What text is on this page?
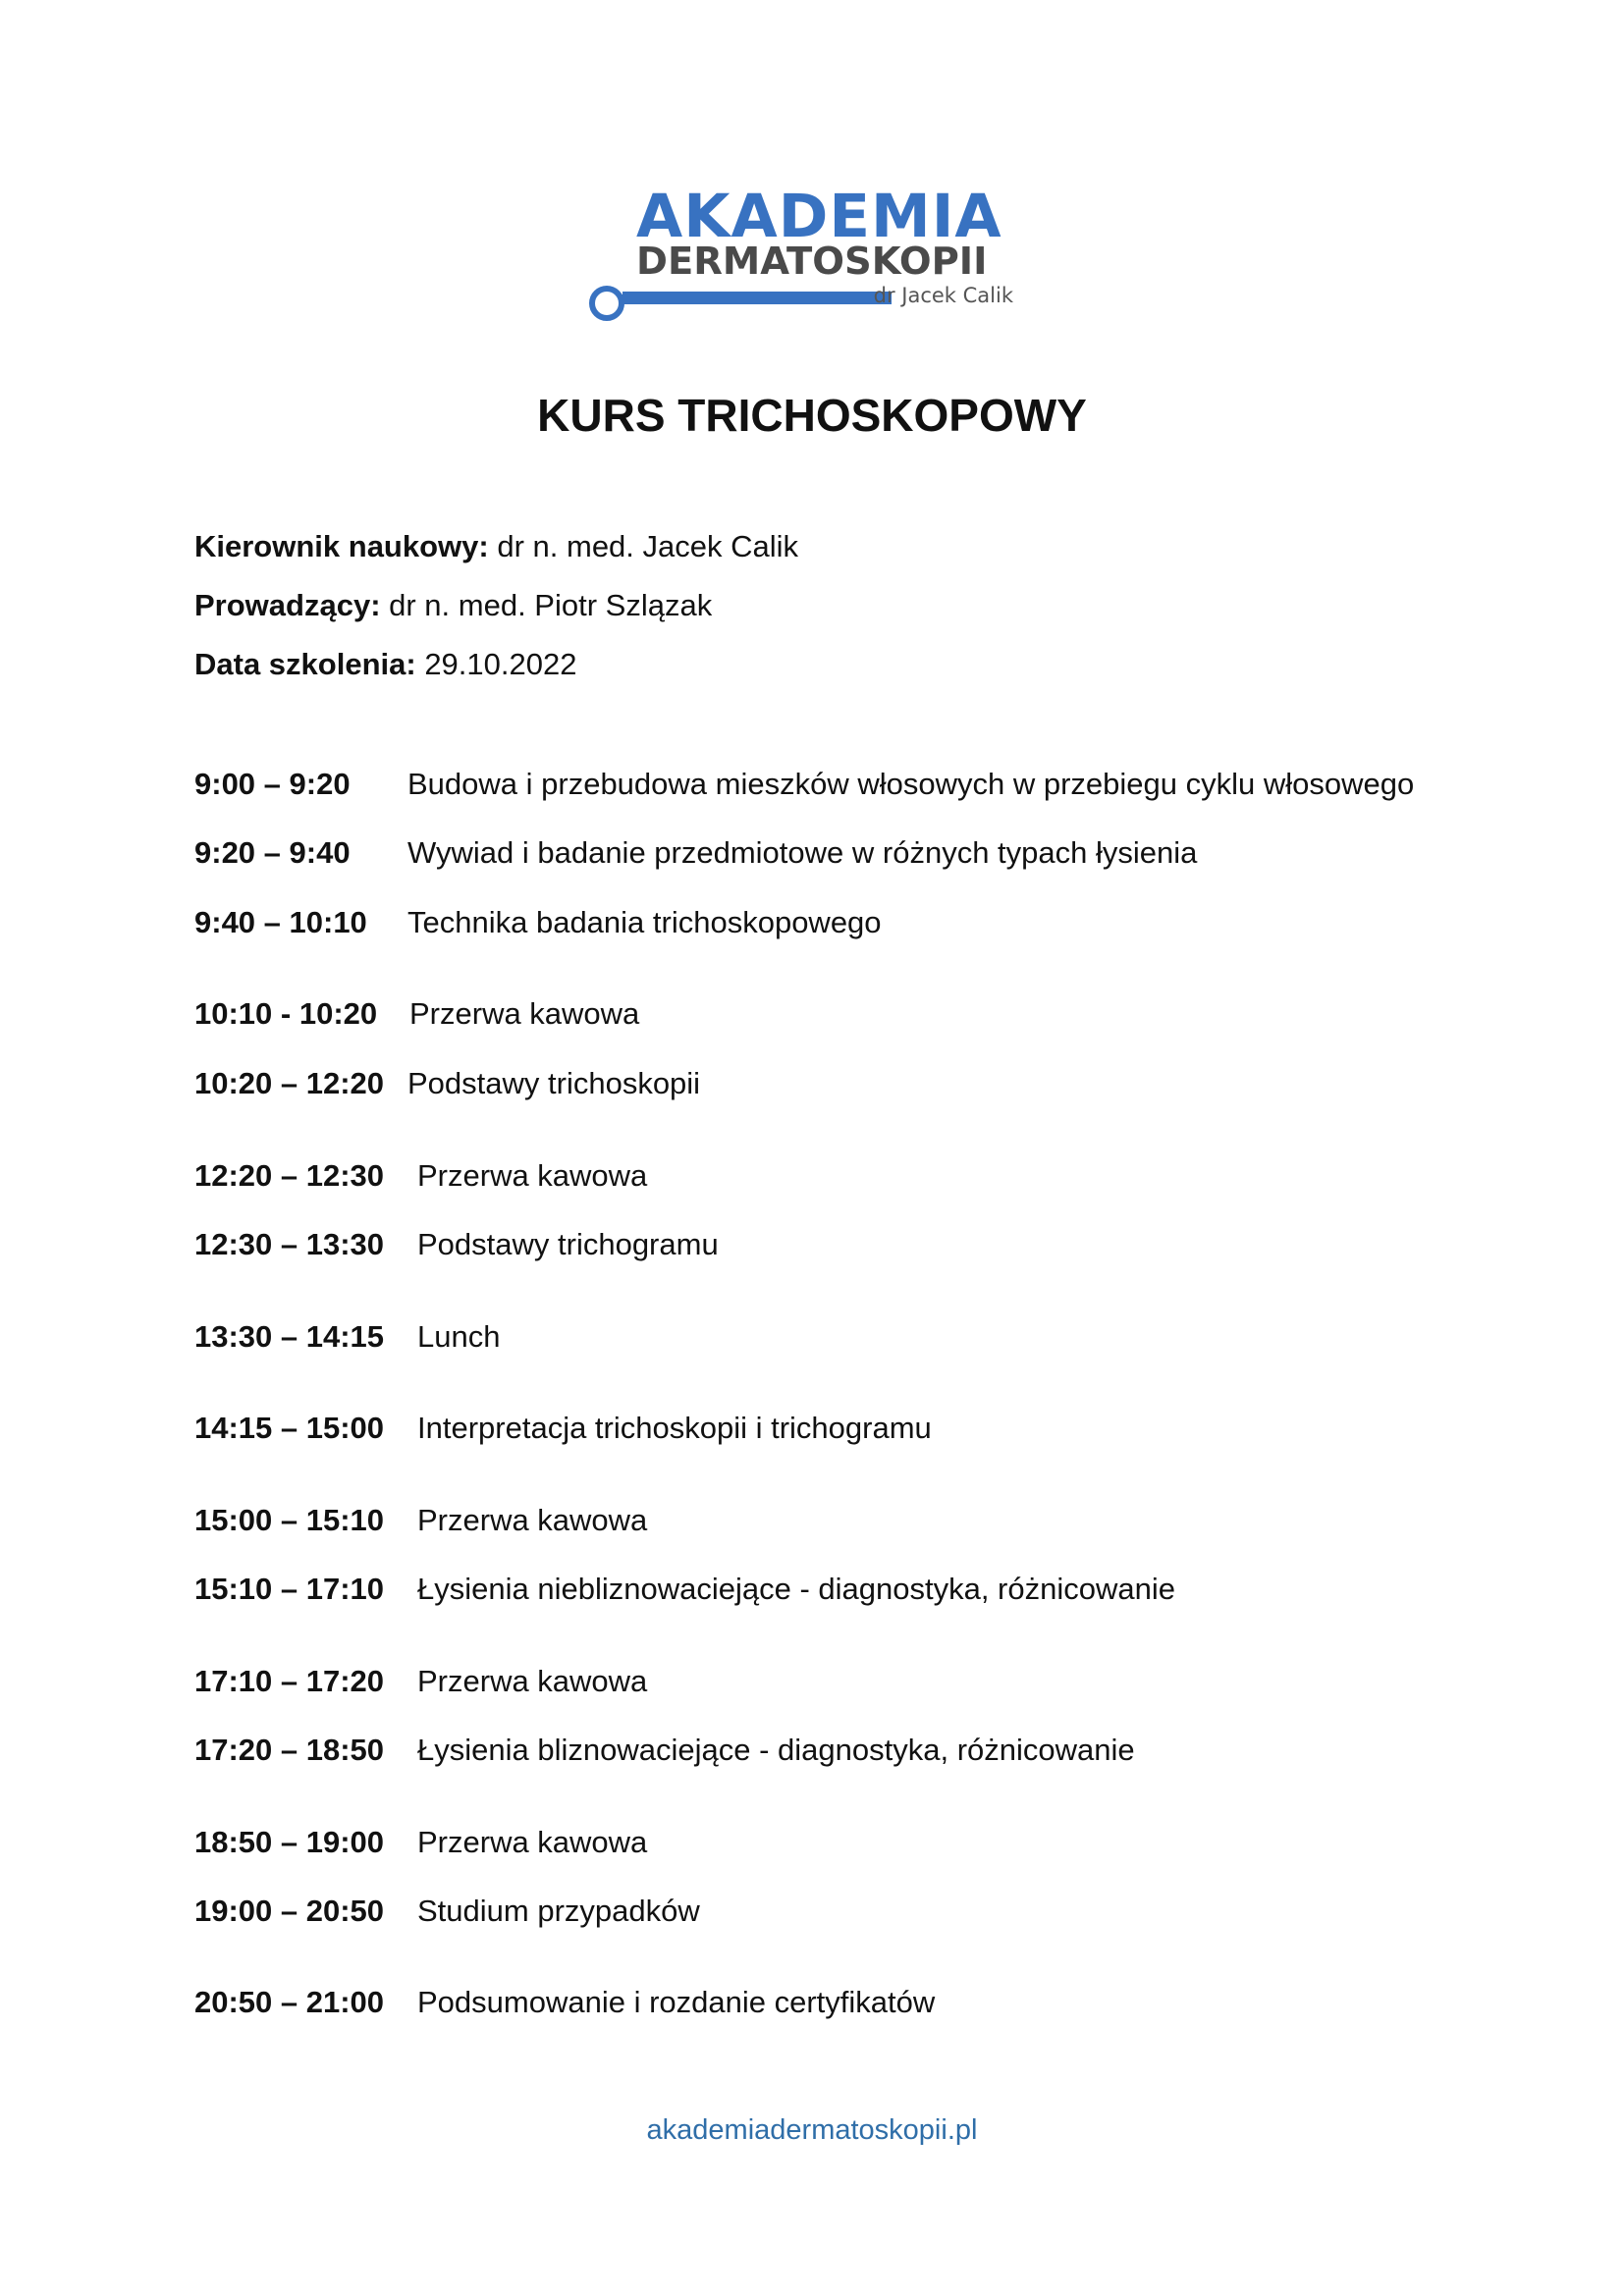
AKADEMIA
DERMATOSKOPII
dr Jacek Calik
KURS TRICHOSKOPOWY
Kierownik naukowy: dr n. med. Jacek Calik
Prowadzący: dr n. med. Piotr Szlązak
Data szkolenia: 29.10.2022
9:00 – 9:20 Budowa i przebudowa mieszków włosowych w przebiegu cyklu włosowego
9:20 – 9:40 Wywiad i badanie przedmiotowe w różnych typach łysienia
9:40 – 10:10 Technika badania trichoskopowego
10:10 - 10:20 Przerwa kawowa
10:20 – 12:20 Podstawy trichoskopii
12:20 – 12:30 Przerwa kawowa
12:30 – 13:30 Podstawy trichogramu
13:30 – 14:15 Lunch
14:15 – 15:00 Interpretacja trichoskopii i trichogramu
15:00 – 15:10 Przerwa kawowa
15:10 – 17:10 Łysienia niebliznowaciejące - diagnostyka, różnicowanie
17:10 – 17:20 Przerwa kawowa
17:20 – 18:50 Łysienia bliznowaciejące - diagnostyka, różnicowanie
18:50 – 19:00 Przerwa kawowa
19:00 – 20:50 Studium przypadków
20:50 – 21:00 Podsumowanie i rozdanie certyfikatów
akademiadermatoskopii.pl
